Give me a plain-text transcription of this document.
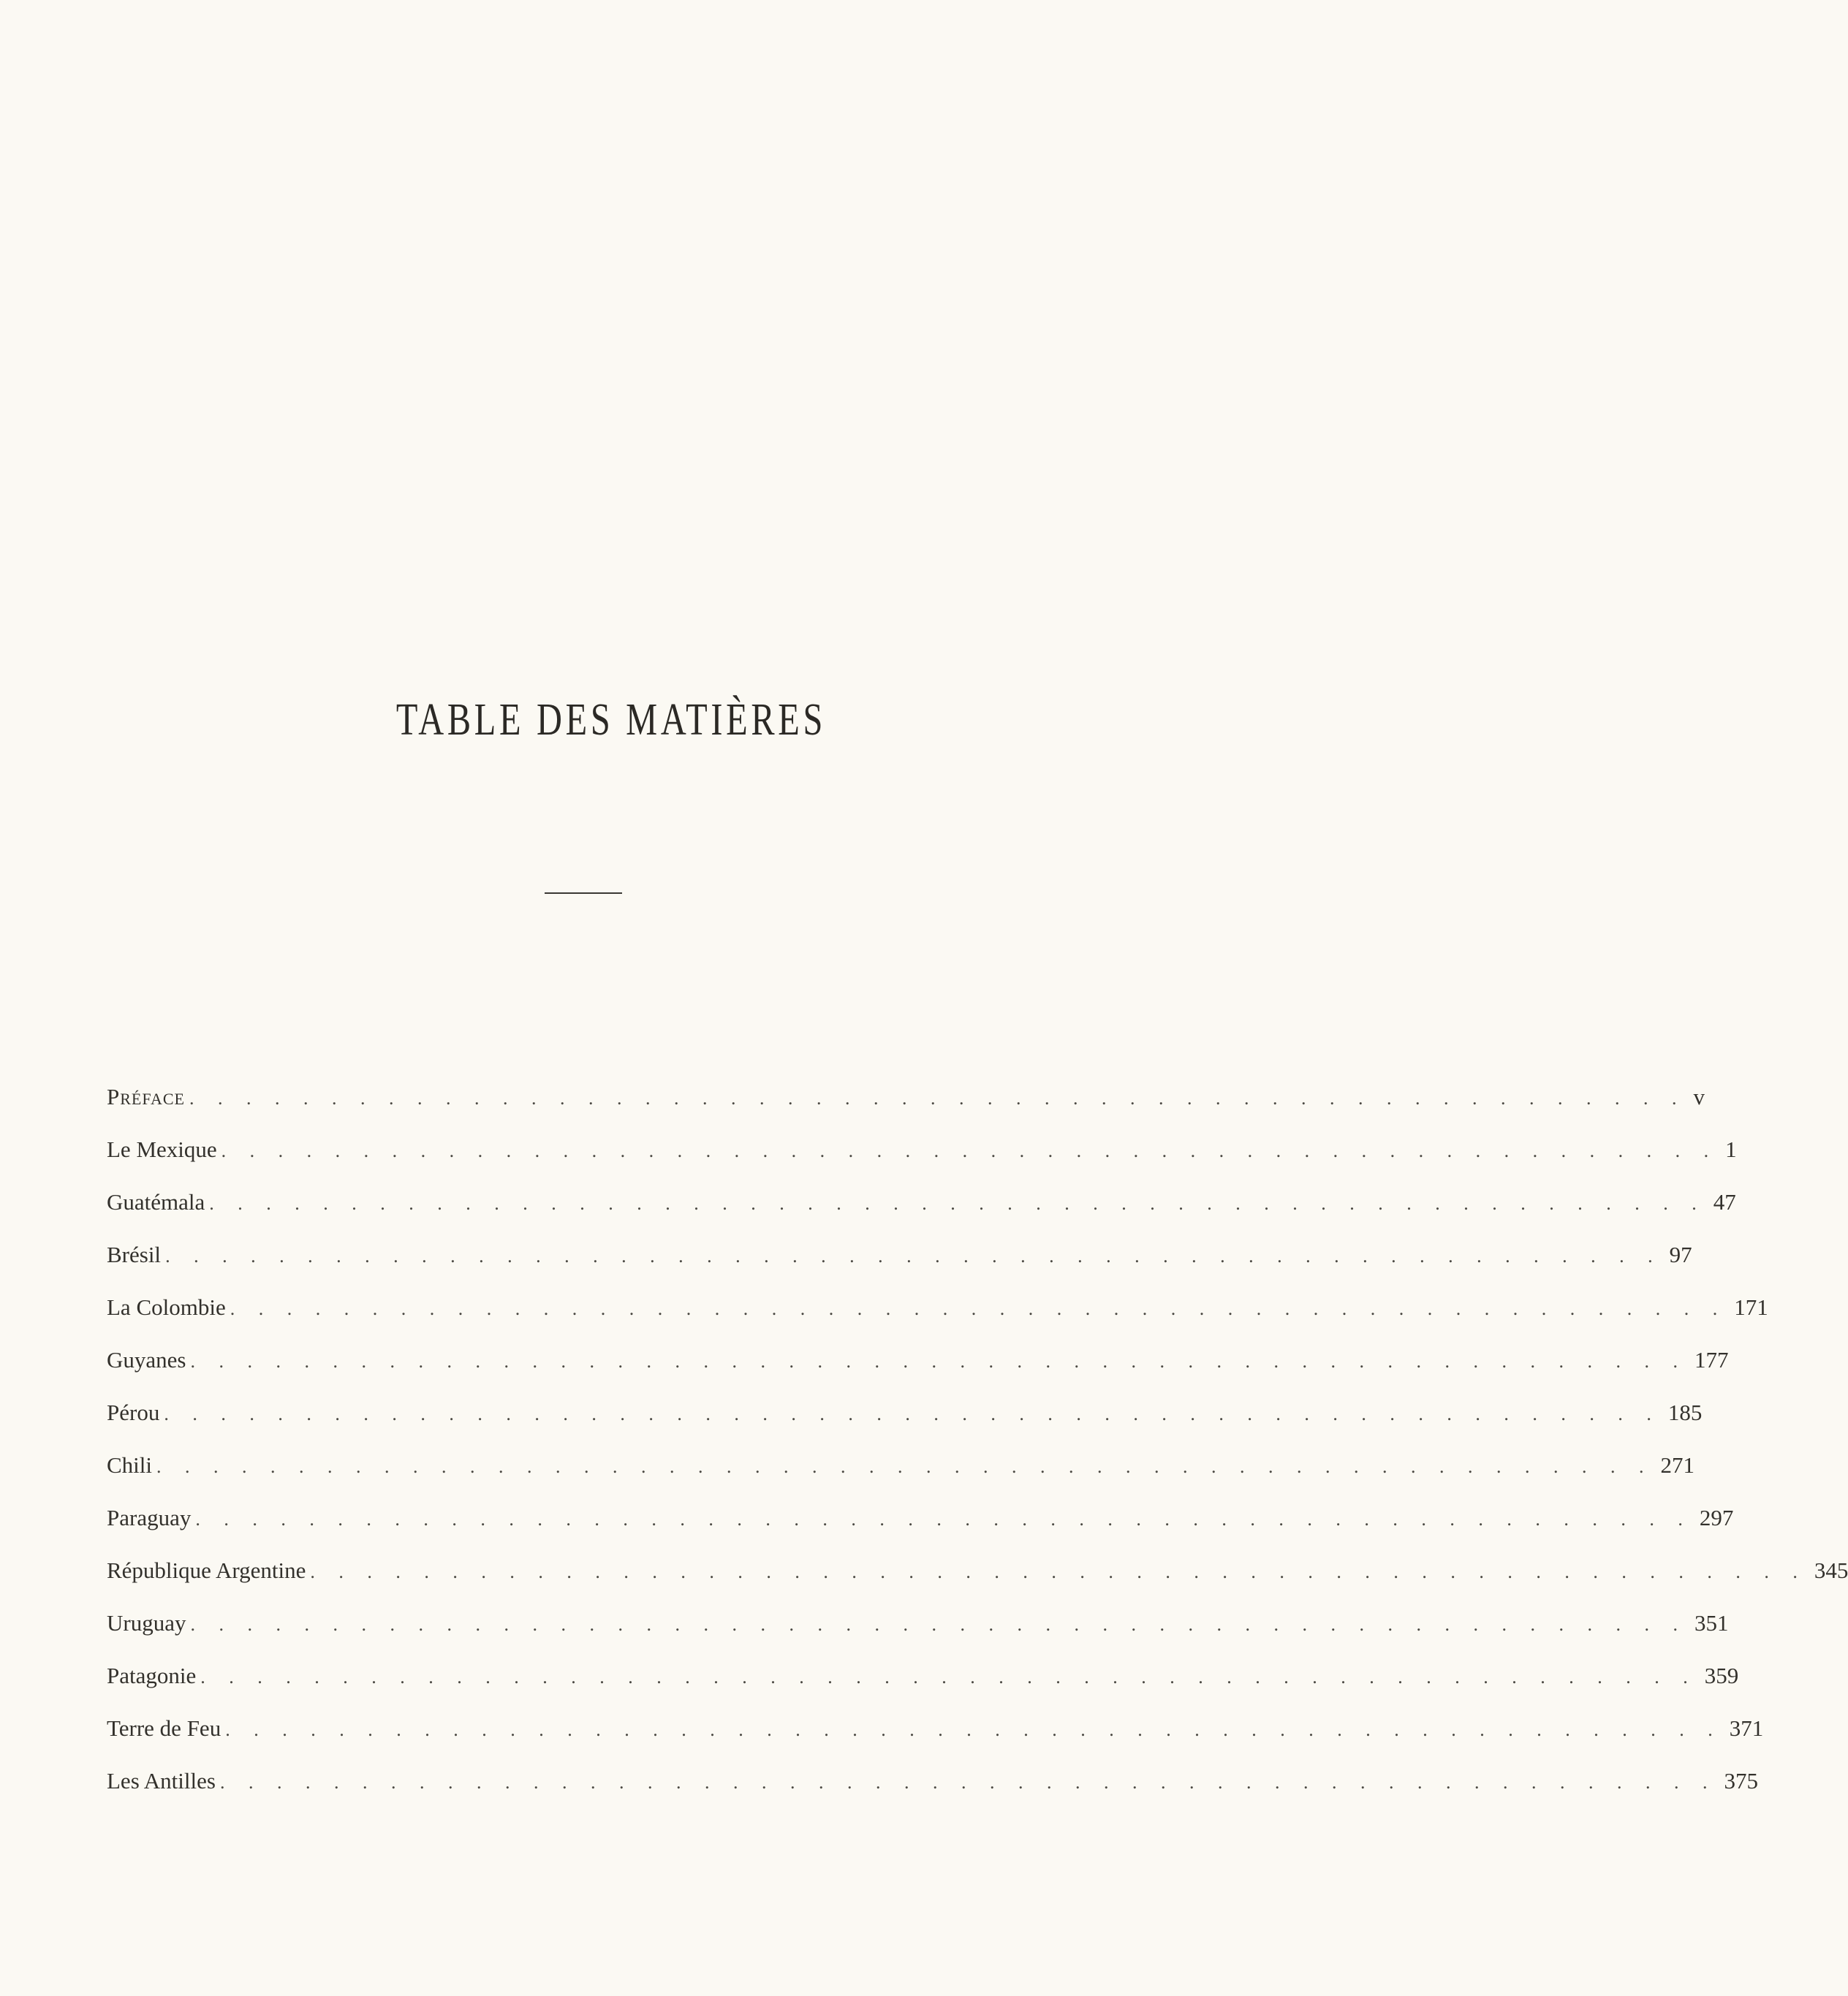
TABLE DES MATIÈRES
Préface . . . . . . . . . . . . . . . . . . . . . . . . . . . . . . . . . . . . . . . . . . . . . . . . . . . . . v
Le Mexique . . . . . . . . . . . . . . . . . . . . . . . . . . . . . . . . . . . . . . . . . . . . . . . . . . . . . 1
Guatémala . . . . . . . . . . . . . . . . . . . . . . . . . . . . . . . . . . . . . . . . . . . . . . . . . . . . . 47
Brésil . . . . . . . . . . . . . . . . . . . . . . . . . . . . . . . . . . . . . . . . . . . . . . . . . . . . . 97
La Colombie . . . . . . . . . . . . . . . . . . . . . . . . . . . . . . . . . . . . . . . . . . . . . . . . . . . . . 171
Guyanes . . . . . . . . . . . . . . . . . . . . . . . . . . . . . . . . . . . . . . . . . . . . . . . . . . . . . 177
Pérou . . . . . . . . . . . . . . . . . . . . . . . . . . . . . . . . . . . . . . . . . . . . . . . . . . . . . 185
Chili . . . . . . . . . . . . . . . . . . . . . . . . . . . . . . . . . . . . . . . . . . . . . . . . . . . . . 271
Paraguay . . . . . . . . . . . . . . . . . . . . . . . . . . . . . . . . . . . . . . . . . . . . . . . . . . . . . 297
République Argentine . . . . . . . . . . . . . . . . . . . . . . . . . . . . . . . . . . . . . . . . . . . . . . . . . . . . . 345
Uruguay . . . . . . . . . . . . . . . . . . . . . . . . . . . . . . . . . . . . . . . . . . . . . . . . . . . . . 351
Patagonie . . . . . . . . . . . . . . . . . . . . . . . . . . . . . . . . . . . . . . . . . . . . . . . . . . . . . 359
Terre de Feu . . . . . . . . . . . . . . . . . . . . . . . . . . . . . . . . . . . . . . . . . . . . . . . . . . . . . 371
Les Antilles . . . . . . . . . . . . . . . . . . . . . . . . . . . . . . . . . . . . . . . . . . . . . . . . . . . . . 375
